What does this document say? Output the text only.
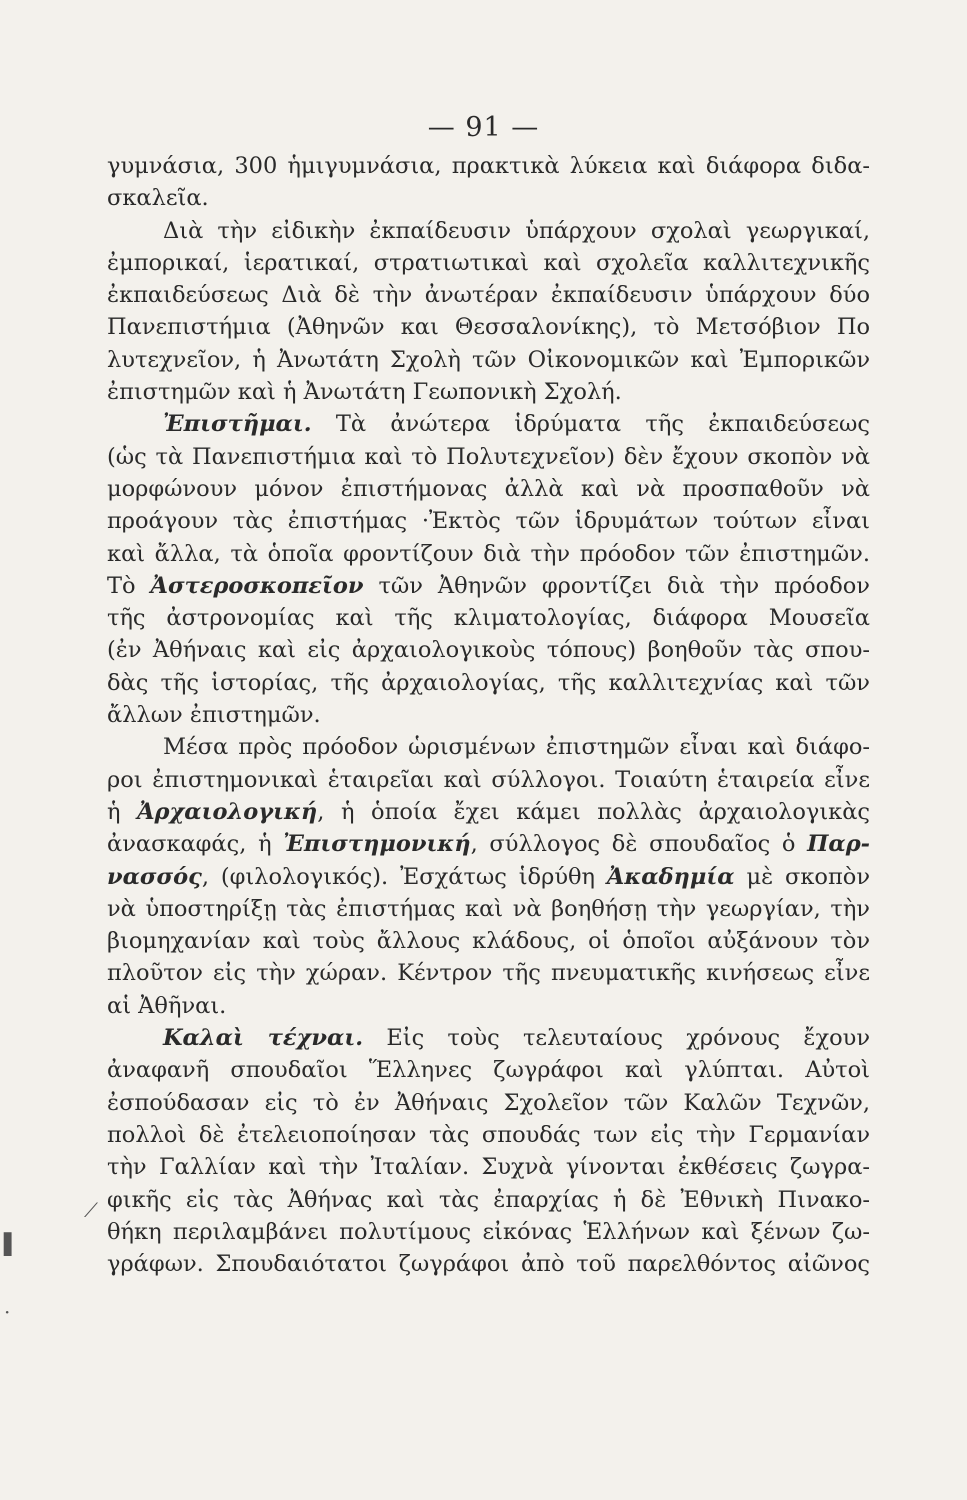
— 91 —
γυμνάσια, 300 ἡμιγυμνάσια, πρακτικὰ λύκεια καὶ διάφορα διδα-
σκαλεῖα.
Διὰ τὴν εἰδικὴν ἐκπαίδευσιν ὑπάρχουν σχολαὶ γεωργικαί,
ἐμπορικαί, ἱερατικαί, στρατιωτικαὶ καὶ σχολεῖα καλλιτεχνικῆς
ἐκπαιδεύσεως Διὰ δὲ τὴν ἀνωτέραν ἐκπαίδευσιν ὑπάρχουν δύο
Πανεπιστήμια (Ἀθηνῶν και Θεσσαλονίκης), τὸ Μετσόβιον Πο
λυτεχνεῖον, ἡ Ἀνωτάτη Σχολὴ τῶν Οἰκονομικῶν καὶ Ἐμπορικῶν
ἐπιστημῶν καὶ ἡ Ἀνωτάτη Γεωπονικὴ Σχολή.
Ἐπιστῆμαι. Τὰ ἀνώτερα ἱδρύματα τῆς ἐκπαιδεύσεως
(ὡς τὰ Πανεπιστήμια καὶ τὸ Πολυτεχνεῖον) δὲν ἔχουν σκοπὸν νὰ
μορφώνουν μόνον ἐπιστήμονας ἀλλὰ καὶ νὰ προσπαθοῦν νὰ
προάγουν τὰς ἐπιστήμας ·Ἐκτὸς τῶν ἱδρυμάτων τούτων εἶναι
καὶ ἄλλα, τὰ ὁποῖα φροντίζουν διὰ τὴν πρόοδον τῶν ἐπιστημῶν.
Τὸ Ἀστεροσκοπεῖον τῶν Ἀθηνῶν φροντίζει διὰ τὴν πρόοδον
τῆς ἀστρονομίας καὶ τῆς κλιματολογίας, διάφορα Μουσεῖα
(ἐν Ἀθήναις καὶ εἰς ἀρχαιολογικοὺς τόπους) βοηθοῦν τὰς σπου-
δὰς τῆς ἱστορίας, τῆς ἀρχαιολογίας, τῆς καλλιτεχνίας καὶ τῶν
ἄλλων ἐπιστημῶν.
Μέσα πρὸς πρόοδον ὡρισμένων ἐπιστημῶν εἶναι καὶ διάφο-
ροι ἐπιστημονικαὶ ἑταιρεῖαι καὶ σύλλογοι. Τοιαύτη ἑταιρεία εἶνε
ἡ Ἀρχαιολογική, ἡ ὁποία ἔχει κάμει πολλὰς ἀρχαιολογικὰς
ἀνασκαφάς, ἡ Ἐπιστημονική, σύλλογος δὲ σπουδαῖος ὁ Παρ-
νασσός, (φιλολογικός). Ἐσχάτως ἱδρύθη Ἀκαδημία μὲ σκοπὸν
νὰ ὑποστηρίξῃ τὰς ἐπιστήμας καὶ νὰ βοηθήσῃ τὴν γεωργίαν, τὴν
βιομηχανίαν καὶ τοὺς ἄλλους κλάδους, οἱ ὁποῖοι αὐξάνουν τὸν
πλοῦτον εἰς τὴν χώραν. Κέντρον τῆς πνευματικῆς κινήσεως εἶνε
αἱ Ἀθῆναι.
Καλαὶ τέχναι. Εἰς τοὺς τελευταίους χρόνους ἔχουν
ἀναφανῆ σπουδαῖοι Ἕλληνες ζωγράφοι καὶ γλύπται. Αὐτοὶ
ἐσπούδασαν εἰς τὸ ἐν Ἀθήναις Σχολεῖον τῶν Καλῶν Τεχνῶν,
πολλοὶ δὲ ἐτελειοποίησαν τὰς σπουδάς των εἰς τὴν Γερμανίαν
τὴν Γαλλίαν καὶ τὴν Ἰταλίαν. Συχνὰ γίνονται ἐκθέσεις ζωγρα-
φικῆς εἰς τὰς Ἀθήνας καὶ τὰς ἐπαρχίας ἡ δὲ Ἐθνικὴ Πινακο-
θήκη περιλαμβάνει πολυτίμους εἰκόνας Ἑλλήνων καὶ ξένων ζω-
γράφων. Σπουδαιότατοι ζωγράφοι ἀπὸ τοῦ παρελθόντος αἰῶνος
⟋
▌
·
